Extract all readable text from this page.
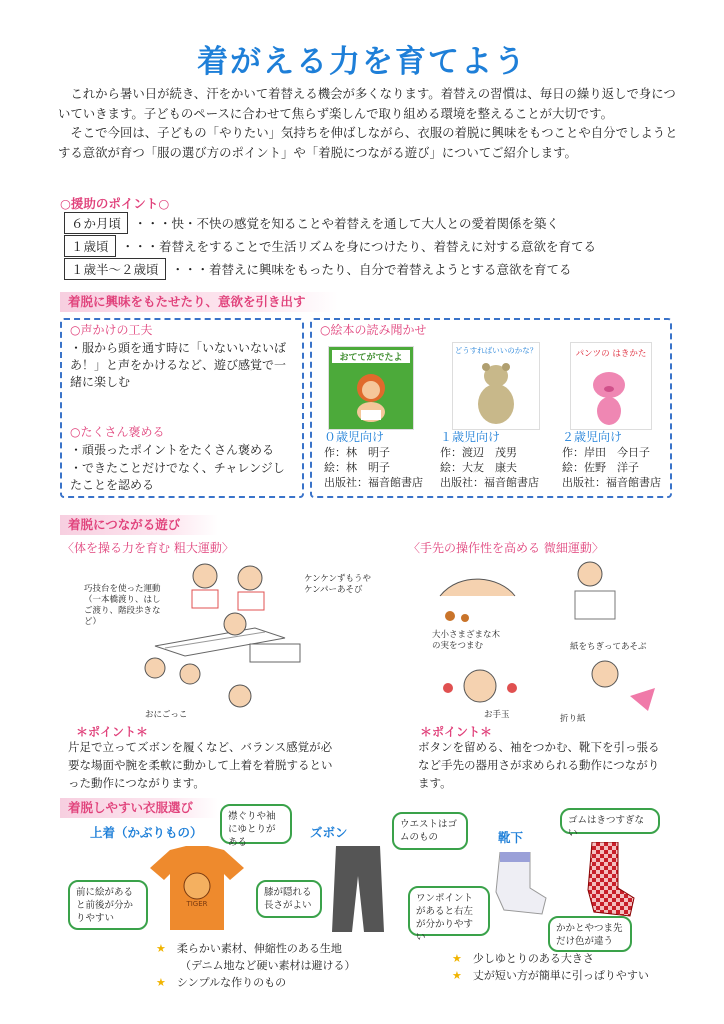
着がえる力を育てよう

これから暑い日が続き、汗をかいて着替える機会が多くなります。着替えの習慣は、毎日の繰り返しで身についていきます。子どものペースに合わせて焦らず楽しんで取り組める環境を整えることが大切です。

そこで今回は、子どもの「やりたい」気持ちを伸ばしながら、衣服の着脱に興味をもつことや自分でしようとする意欲が育つ「服の選び方のポイント」や「着脱につながる遊び」についてご紹介します。

○援助のポイント○
６か月頃	・・・快・不快の感覚を知ることや着替えを通して大人との愛着関係を築く
１歳頃	・・・着替えをすることで生活リズムを身につけたり、着替えに対する意欲を育てる
１歳半～２歳頃	・・・着替えに興味をもったり、自分で着替えようとする意欲を育てる
着脱に興味をもたせたり、意欲を引き出す
○声かけの工夫
・服から頭を通す時に「いないいないばあ！」と声をかけるなど、遊び感覚で一緒に楽しむ
○たくさん褒める
・頑張ったポイントをたくさん褒める
・できたことだけでなく、チャレンジしたことを認める
○絵本の読み聞かせ
おててがでたよ
０歳児向け
作：林　明子
絵：林　明子
出版社：福音館書店
どうすればいいのかな？
１歳児向け
作：渡辺　茂男
絵：大友　康夫
出版社：福音館書店
パンツの はきかた
２歳児向け
作：岸田　今日子
絵：佐野　洋子
出版社：福音館書店
着脱につながる遊び
〈体を操る力を育む 粗大運動〉	〈手先の操作性を高める 微細運動〉
巧技台を使った運動（一本橋渡り、はしご渡り、階段歩きなど）
ケンケンずもうやケンパーあそび
おにごっこ
大小さまざまな木の実をつまむ	紙をちぎってあそぶ
お手玉	折り紙
＊ポイント＊
片足で立ってズボンを履くなど、バランス感覚が必要な場面や腕を柔軟に動かして上着を着脱するといった動作につながります。
＊ポイント＊
ボタンを留める、袖をつかむ、靴下を引っ張るなど手先の器用さが求められる動作につながります。
着脱しやすい衣服選び
上着（かぶりもの）	ズボン	靴下
TIGER
襟ぐりや袖にゆとりがある
前に絵があると前後が分かりやすい
ウエストはゴムのもの
膝が隠れる長さがよい
ワンポイントがあると右左が分かりやすい
ゴムはきつすぎない
かかとやつま先だけ色が違う
★　 柔らかい素材、伸縮性のある生地
（デニム地など硬い素材は避ける）
★　 シンプルな作りのもの
★　 少しゆとりのある大きさ
★　 丈が短い方が簡単に引っぱりやすい
